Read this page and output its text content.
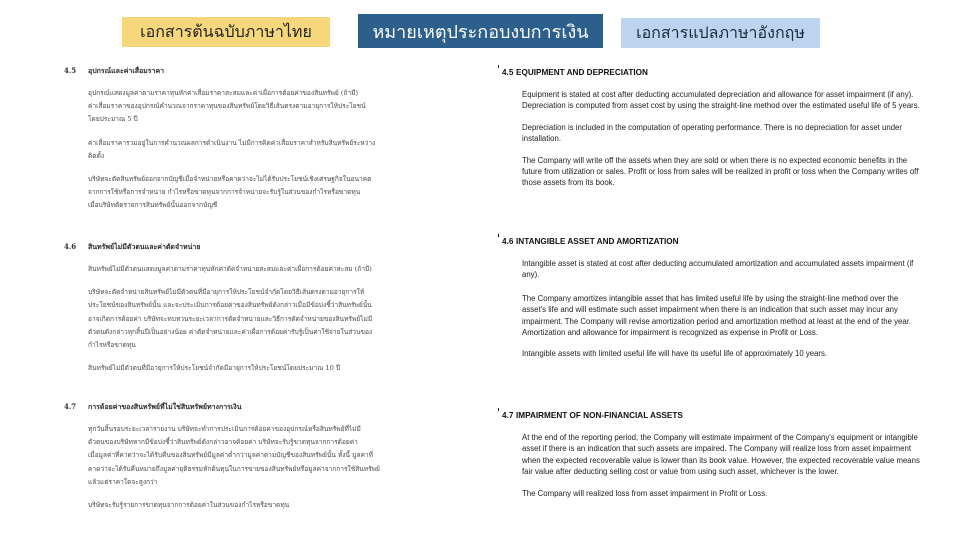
เอกสารต้นฉบับภาษาไทย	หมายเหตุประกอบงบการเงิน	เอกสารแปลภาษาอังกฤษ
4.5 อุปกรณ์และค่าเสื่อมราคา
อุปกรณ์แสดงมูลค่าตามราคาทุนหักค่าเสื่อมราคาสะสมและค่าเผื่อการด้อยค่าของสินทรัพย์ (ถ้ามี)
ค่าเสื่อมราคาของอุปกรณ์คำนวณจากราคาทุนของสินทรัพย์โดยวิธีเส้นตรงตามอายุการให้ประโยชน์
โดยประมาณ 5 ปี
ค่าเสื่อมราคารวมอยู่ในการคำนวณผลการดำเนินงาน ไม่มีการคิดค่าเสื่อมราคาสำหรับสินทรัพย์ระหว่าง
ติดตั้ง
บริษัทจะตัดสินทรัพย์ออกจากบัญชีเมื่อจำหน่ายหรือคาดว่าจะไม่ได้รับประโยชน์เชิงเศรษฐกิจในอนาคต
จากการใช้หรือการจำหน่าย กำไรหรือขาดทุนจากการจำหน่ายจะรับรู้ในส่วนของกำไรหรือขาดทุน
เมื่อบริษัทตัดรายการสินทรัพย์นั้นออกจากบัญชี
4.6 สินทรัพย์ไม่มีตัวตนและค่าตัดจำหน่าย
สินทรัพย์ไม่มีตัวตนแสดงมูลค่าตามราคาทุนหักค่าตัดจำหน่ายสะสมและค่าเผื่อการด้อยค่าสะสม (ถ้ามี)
บริษัทจะตัดจำหน่ายสินทรัพย์ไม่มีตัวตนที่มีอายุการให้ประโยชน์จำกัดโดยวิธีเส้นตรงตามอายุการให้
ประโยชน์ของสินทรัพย์นั้น และจะประเมินการด้อยค่าของสินทรัพย์ดังกล่าวเมื่อมีข้อบ่งชี้ว่าสินทรัพย์นั้น
อาจเกิดการด้อยค่า บริษัทจะทบทวนระยะเวลาการตัดจำหน่ายและวิธีการตัดจำหน่ายของสินทรัพย์ไม่มี
ตัวตนดังกล่าวทุกสิ้นปีเป็นอย่างน้อย ค่าตัดจำหน่ายและค่าเผื่อการด้อยค่ารับรู้เป็นค่าใช้จ่ายในส่วนของ
กำไรหรือขาดทุน
สินทรัพย์ไม่มีตัวตนที่มีอายุการให้ประโยชน์จำกัดมีอายุการให้ประโยชน์โดยประมาณ 10 ปี
4.7 การด้อยค่าของสินทรัพย์ที่ไม่ใช่สินทรัพย์ทางการเงิน
ทุกวันสิ้นรอบระยะเวลารายงาน บริษัทจะทำการประเมินการด้อยค่าของอุปกรณ์หรือสินทรัพย์ที่ไม่มี
ตัวตนของบริษัทหากมีข้อบ่งชี้ว่าสินทรัพย์ดังกล่าวอาจด้อยค่า บริษัทจะรับรู้ขาดทุนจากการด้อยค่า
เมื่อมูลค่าที่คาดว่าจะได้รับคืนของสินทรัพย์มีมูลค่าต่ำกว่ามูลค่าตามบัญชีของสินทรัพย์นั้น ทั้งนี้ มูลค่าที่
คาดว่าจะได้รับคืนหมายถึงมูลค่ายุติธรรมหักต้นทุนในการขายของสินทรัพย์หรือมูลค่าจากการใช้สินทรัพย์
แล้วแต่ราคาใดจะสูงกว่า
บริษัทจะรับรู้รายการขาดทุนจากการด้อยค่าในส่วนของกำไรหรือขาดทุน
4.5 EQUIPMENT AND DEPRECIATION

Equipment is stated at cost after deducting accumulated depreciation and allowance for asset impairment (if any). Depreciation is computed from asset cost by using the straight-line method over the estimated useful life of 5 years.

Depreciation is included in the computation of operating performance. There is no depreciation for asset under installation.

The Company will write off the assets when they are sold or when there is no expected economic benefits in the future from utilization or sales. Profit or loss from sales will be realized in profit or loss when the Company writes off those assets from its book.

4.6 INTANGIBLE ASSET AND AMORTIZATION

Intangible asset is stated at cost after deducting accumulated amortization and accumulated assets impairment (if any).

The Company amortizes intangible asset that has limited useful life by using the straight-line method over the asset's life and will estimate such asset impairment when there is an indication that such asset may incur any impairment. The Company will revise amortization period and amortization method at least at the end of the year. Amortization and allowance for impairment is recognized as expense in Profit or Loss.

Intangible assets with limited useful life will have its useful life of approximately 10 years.

4.7 IMPAIRMENT OF NON-FINANCIAL ASSETS

At the end of the reporting period, the Company will estimate impairment of the Company's equipment or intangible asset if there is an indication that such assets are impaired. The Company will realize loss from asset impairment when the expected recoverable value is lower than its book value. However, the expected recoverable value means fair value after deducting selling cost or value from using such asset, whichever is the lower.

The Company will realized loss from asset impairment in Profit or Loss.
